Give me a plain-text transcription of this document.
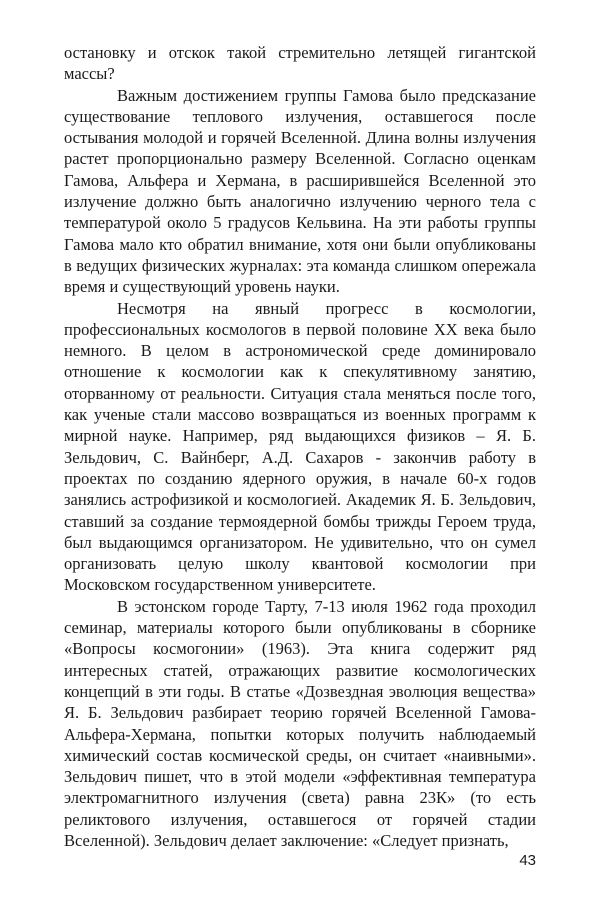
остановку и отскок такой стремительно летящей гигантской массы?

Важным достижением группы Гамова было предсказание существование теплового излучения, оставшегося после остывания молодой и горячей Вселенной. Длина волны излучения растет пропорционально размеру Вселенной. Согласно оценкам Гамова, Альфера и Хермана, в расширившейся Вселенной это излучение должно быть аналогично излучению черного тела с температурой около 5 градусов Кельвина. На эти работы группы Гамова мало кто обратил внимание, хотя они были опубликованы в ведущих физических журналах: эта команда слишком опережала время и существующий уровень науки.

Несмотря на явный прогресс в космологии, профессиональных космологов в первой половине XX века было немного. В целом в астрономической среде доминировало отношение к космологии как к спекулятивному занятию, оторванному от реальности. Ситуация стала меняться после того, как ученые стали массово возвращаться из военных программ к мирной науке. Например, ряд выдающихся физиков – Я. Б. Зельдович, С. Вайнберг, А.Д. Сахаров - закончив работу в проектах по созданию ядерного оружия, в начале 60-х годов занялись астрофизикой и космологией. Академик Я. Б. Зельдович, ставший за создание термоядерной бомбы трижды Героем труда, был выдающимся организатором. Не удивительно, что он сумел организовать целую школу квантовой космологии при Московском государственном университете.

В эстонском городе Тарту, 7-13 июля 1962 года проходил семинар, материалы которого были опубликованы в сборнике «Вопросы космогонии» (1963). Эта книга содержит ряд интересных статей, отражающих развитие космологических концепций в эти годы. В статье «Дозвездная эволюция вещества» Я. Б. Зельдович разбирает теорию горячей Вселенной Гамова-Альфера-Хермана, попытки которых получить наблюдаемый химический состав космической среды, он считает «наивными». Зельдович пишет, что в этой модели «эффективная температура электромагнитного излучения (света) равна 23К» (то есть реликтового излучения, оставшегося от горячей стадии Вселенной). Зельдович делает заключение: «Следует признать,

43
